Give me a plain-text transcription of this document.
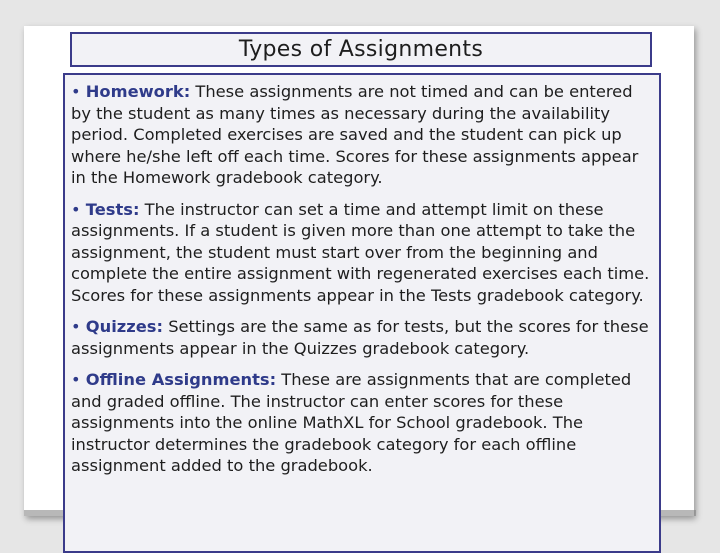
Types of Assignments

• Homework: These assignments are not timed and can be entered by the student as many times as necessary during the availability period. Completed exercises are saved and the student can pick up where he/she left off each time. Scores for these assignments appear in the Homework gradebook category.

• Tests: The instructor can set a time and attempt limit on these assignments. If a student is given more than one attempt to take the assignment, the student must start over from the beginning and complete the entire assignment with regenerated exercises each time. Scores for these assignments appear in the Tests gradebook category.

• Quizzes: Settings are the same as for tests, but the scores for these assignments appear in the Quizzes gradebook category.

• Offline Assignments: These are assignments that are completed and graded offline. The instructor can enter scores for these assignments into the online MathXL for School gradebook. The instructor determines the gradebook category for each offline assignment added to the gradebook.
